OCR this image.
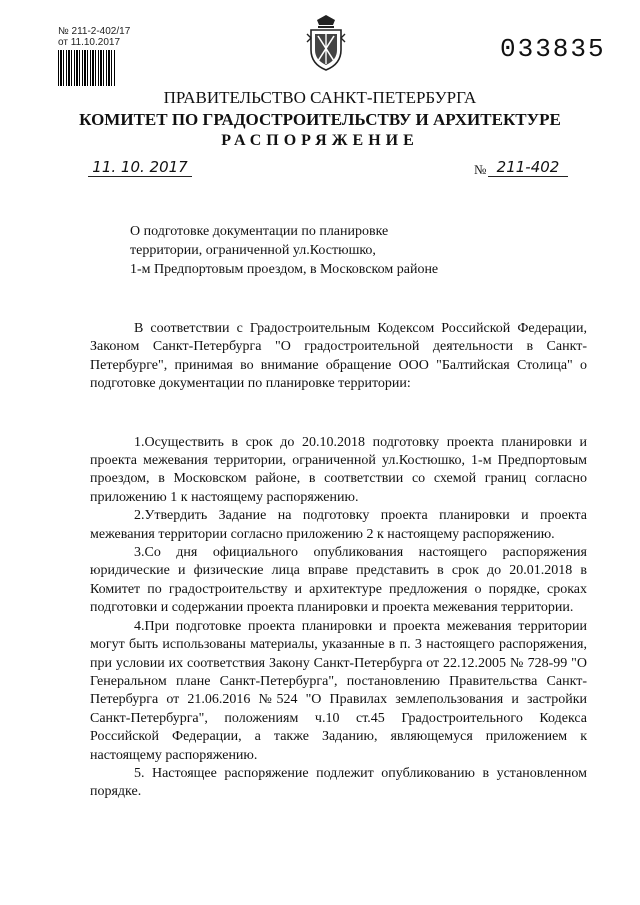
№ 211-2-402/17
от 11.10.2017	033835
ПРАВИТЕЛЬСТВО САНКТ-ПЕТЕРБУРГА
КОМИТЕТ ПО ГРАДОСТРОИТЕЛЬСТВУ И АРХИТЕКТУРЕ
РАСПОРЯЖЕНИЕ
11. 10. 2017	№ 211-402
О подготовке документации по планировке
территории, ограниченной ул.Костюшко,
1-м Предпортовым проездом, в Московском районе

В соответствии с Градостроительным Кодексом Российской Федерации, Законом Санкт-Петербурга "О градостроительной деятельности в Санкт-Петербурге", принимая во внимание обращение ООО "Балтийская Столица" о подготовке документации по планировке территории:

1.Осуществить в срок до 20.10.2018 подготовку проекта планировки и проекта межевания территории, ограниченной ул.Костюшко, 1-м Предпортовым проездом, в Московском районе, в соответствии со схемой границ согласно приложению 1 к настоящему распоряжению.

2.Утвердить Задание на подготовку проекта планировки и проекта межевания территории согласно приложению 2 к настоящему распоряжению.

3.Со дня официального опубликования настоящего распоряжения юридические и физические лица вправе представить в срок до 20.01.2018 в Комитет по градостроительству и архитектуре предложения о порядке, сроках подготовки и содержании проекта планировки и проекта межевания территории.

4.При подготовке проекта планировки и проекта межевания территории могут быть использованы материалы, указанные в п. 3 настоящего распоряжения, при условии их соответствия Закону Санкт-Петербурга от 22.12.2005 № 728-99 "О Генеральном плане Санкт-Петербурга", постановлению Правительства Санкт-Петербурга от 21.06.2016 №524 "О Правилах землепользования и застройки Санкт-Петербурга", положениям ч.10 ст.45 Градостроительного Кодекса Российской Федерации, а также Заданию, являющемуся приложением к настоящему распоряжению.

5. Настоящее распоряжение подлежит опубликованию в установленном порядке.
